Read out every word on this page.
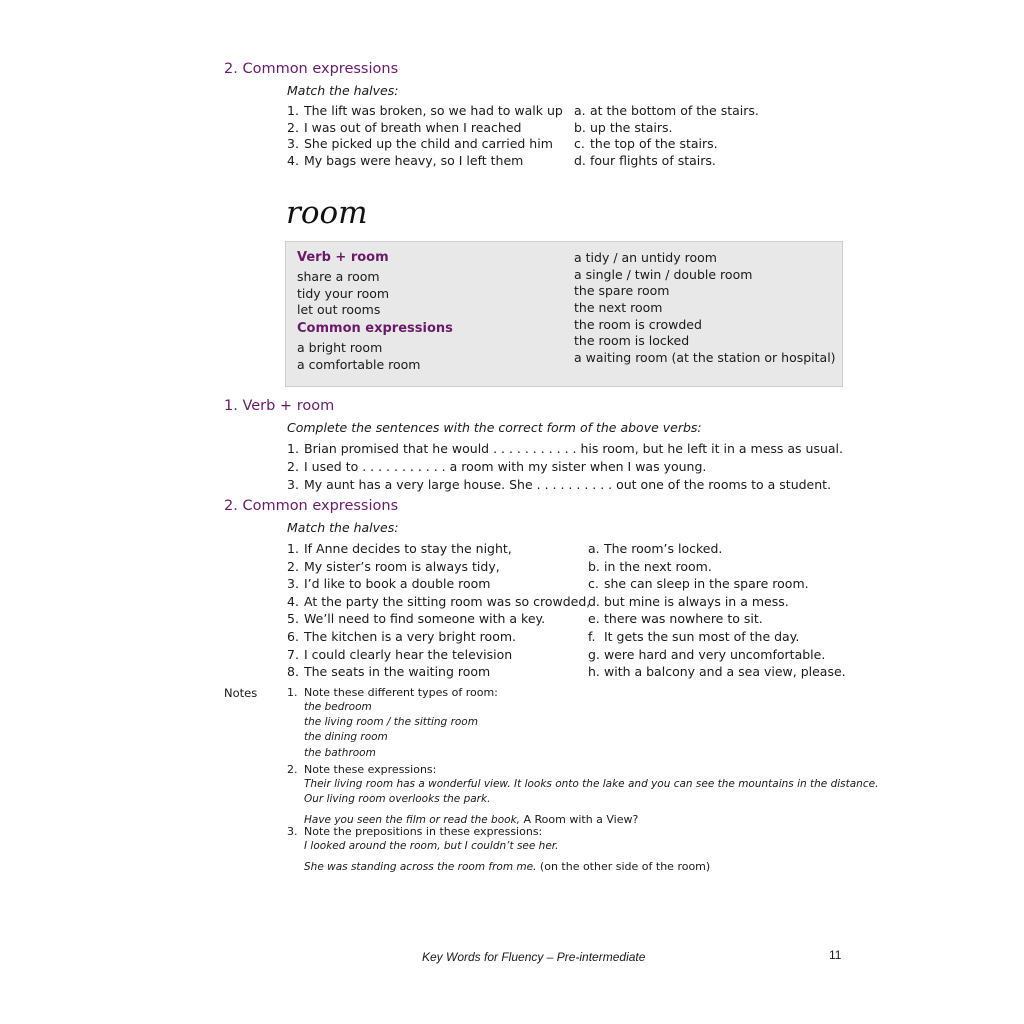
2. Common expressions
Match the halves:
1. The lift was broken, so we had to walk up
2. I was out of breath when I reached
3. She picked up the child and carried him
4. My bags were heavy, so I left them
a. at the bottom of the stairs.
b. up the stairs.
c. the top of the stairs.
d. four flights of stairs.
room
Verb + room
share a room
tidy your room
let out rooms
Common expressions
a bright room
a comfortable room
a tidy / an untidy room
a single / twin / double room
the spare room
the next room
the room is crowded
the room is locked
a waiting room (at the station or hospital)
1. Verb + room
Complete the sentences with the correct form of the above verbs:
1. Brian promised that he would . . . . . . . . . . . his room, but he left it in a mess as usual.
2. I used to . . . . . . . . . . . a room with my sister when I was young.
3. My aunt has a very large house. She . . . . . . . . . . out one of the rooms to a student.
2. Common expressions
Match the halves:
1. If Anne decides to stay the night,
2. My sister’s room is always tidy,
3. I’d like to book a double room
4. At the party the sitting room was so crowded,
5. We’ll need to find someone with a key.
6. The kitchen is a very bright room.
7. I could clearly hear the television
8. The seats in the waiting room
a. The room’s locked.
b. in the next room.
c. she can sleep in the spare room.
d. but mine is always in a mess.
e. there was nowhere to sit.
f. It gets the sun most of the day.
g. were hard and very uncomfortable.
h. with a balcony and a sea view, please.
Notes	1. Note these different types of room:
the bedroom
the living room / the sitting room
the dining room
the bathroom
2. Note these expressions:
Their living room has a wonderful view. It looks onto the lake and you can see the mountains in the distance.
Our living room overlooks the park.
Have you seen the film or read the book, A Room with a View?
3. Note the prepositions in these expressions:
I looked around the room, but I couldn’t see her.
She was standing across the room from me. (on the other side of the room)
Key Words for Fluency – Pre-intermediate	11
